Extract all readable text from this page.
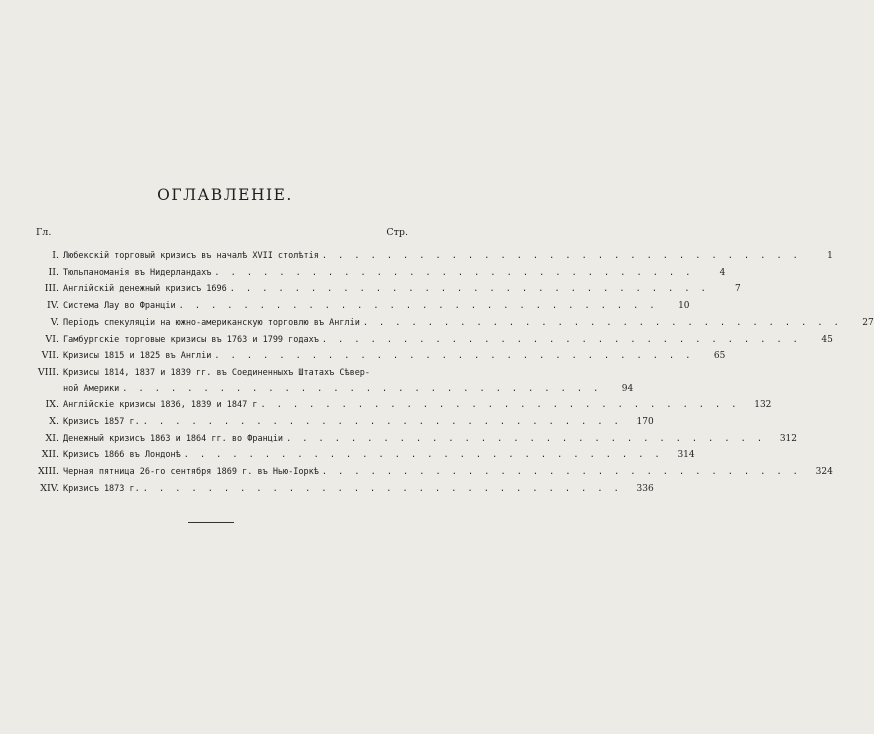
ОГЛАВЛЕНІЕ.
Гл.	Стр.
I. Любекскій торговый кризисъ въ началѣ XVII столѣтія . . . . . . . . . . . . . . . . . . . . . . . . . . . . . .	1
II. Тюльпаноманія въ Нидерландахъ . . . . . . . . . . . . . . . . . . . . . . . . . . . . . .	4
III. Англійскій денежный кризисъ 1696 . . . . . . . . . . . . . . . . . . . . . . . . . . . . . .	7
IV. Система Лау во Франціи . . . . . . . . . . . . . . . . . . . . . . . . . . . . . .	10
V. Періодъ спекуляціи на южно-американскую торговлю въ Англіи . . . . . . . . . . . . . . . . . . . . . . . . . . . . . .	27
VI. Гамбургскіе торговые кризисы въ 1763 и 1799 годахъ . . . . . . . . . . . . . . . . . . . . . . . . . . . . . .	45
VII. Кризисы 1815 и 1825 въ Англіи . . . . . . . . . . . . . . . . . . . . . . . . . . . . . .	65
VIII. Кризисы 1814, 1837 и 1839 гг. въ Соединенныхъ Штатахъ Сѣвер-
ной Америки . . . . . . . . . . . . . . . . . . . . . . . . . . . . . .	94
IX. Англійскіе кризисы 1836, 1839 и 1847 г . . . . . . . . . . . . . . . . . . . . . . . . . . . . . .	132
X. Кризисъ 1857 г. . . . . . . . . . . . . . . . . . . . . . . . . . . . . . .	170
XI. Денежный кризисъ 1863 и 1864 гг. во Франціи . . . . . . . . . . . . . . . . . . . . . . . . . . . . . .	312
XII. Кризисъ 1866 въ Лондонѣ . . . . . . . . . . . . . . . . . . . . . . . . . . . . . .	314
XIII. Черная пятница 26-го сентября 1869 г. въ Нью-Іоркѣ . . . . . . . . . . . . . . . . . . . . . . . . . . . . . .	324
XIV. Кризисъ 1873 г. . . . . . . . . . . . . . . . . . . . . . . . . . . . . . .	336
